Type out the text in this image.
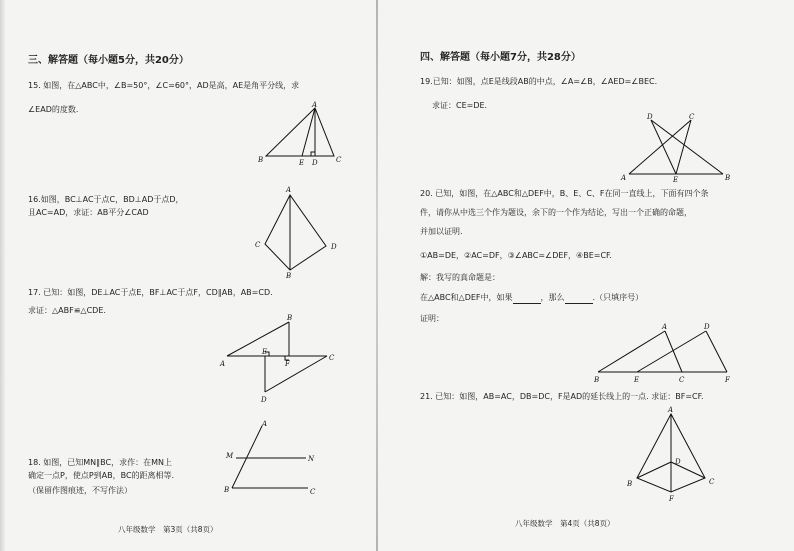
三、解答题（每小题5分，共20分）
15. 如图，在△ABC中，∠B=50°，∠C=60°，AD是高，AE是角平分线，求
∠EAD的度数.	A
B	E D	C
16.如图，BC⊥AC于点C，BD⊥AD于点D，
且AC=AD，求证：AB平分∠CAD
A
C
B
D
17. 已知：如图，DE⊥AC于点E，BF⊥AC于点F，CD∥AB，AB=CD.
求证：△ABF≌△CDE.
A
B
C
D
E
F
18. 如图，已知MN∥BC，求作：在MN上
确定一点P，使点P到AB，BC的距离相等.
（保留作图痕迹，不写作法）
A
M	N
B	C
八年级数学　第3页（共8页）
四、解答题（每小题7分，共28分）
19.已知：如图，点E是线段AB的中点，∠A=∠B，∠AED=∠BEC.
求证：CE=DE.
A
D	C
E	B
20. 已知，如图，在△ABC和△DEF中，B、E、C、F在同一直线上，下面有四个条
件，请你从中选三个作为题设，余下的一个作为结论，写出一个正确的命题，
并加以证明.
①AB=DE，②AC=DF，③∠ABC=∠DEF，④BE=CF.
解：我写的真命题是：
在△ABC和△DEF中，如果	，那么	.（只填序号）
证明：
A	D
B	E	C	F
21. 已知：如图，AB=AC，DB=DC，F是AD的延长线上的一点. 求证：BF=CF.
A
D
B	C
F
八年级数学　第4页（共8页）
